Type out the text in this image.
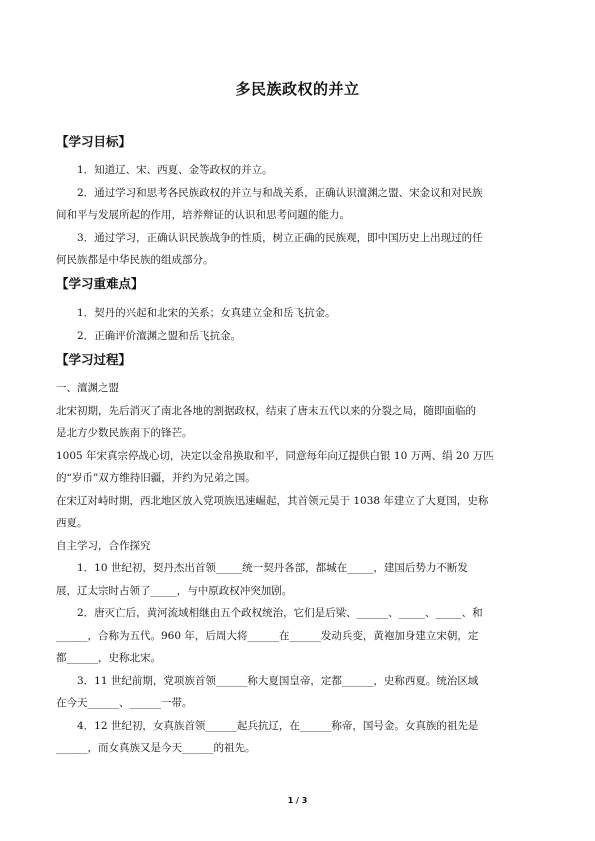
多民族政权的并立
【学习目标】
1．知道辽、宋、西夏、金等政权的并立。
2．通过学习和思考各民族政权的并立与和战关系，正确认识澶渊之盟、宋金议和对民族
间和平与发展所起的作用，培养辩证的认识和思考问题的能力。
3．通过学习，正确认识民族战争的性质，树立正确的民族观，即中国历史上出现过的任
何民族都是中华民族的组成部分。
【学习重难点】
1．契丹的兴起和北宋的关系；女真建立金和岳飞抗金。
2．正确评价澶渊之盟和岳飞抗金。
【学习过程】
一、澶渊之盟
北宋初期，先后消灭了南北各地的割据政权，结束了唐末五代以来的分裂之局，随即面临的
是北方少数民族南下的锋芒。
1005 年宋真宗停战心切，决定以金帛换取和平，同意每年向辽提供白银 10 万两、绢 20 万匹
的“岁币”双方维持旧疆，并约为兄弟之国。
在宋辽对峙时期，西北地区放入党项族迅速崛起，其首领元昊于 1038 年建立了大夏国，史称
西夏。
自主学习，合作探究
1．10 世纪初，契丹杰出首领_____统一契丹各部，都城在_____，建国后势力不断发
展，辽太宗时占领了_____，与中原政权冲突加剧。
2．唐灭亡后，黄河流域相继由五个政权统治，它们是后梁、______、_____、_____、和
______，合称为五代。960 年，后周大将______在______发动兵变，黄袍加身建立宋朝，定
都______，史称北宋。
3．11 世纪前期，党项族首领______称大夏国皇帝，定都______，史称西夏。统治区域
在今天______、______一带。
4．12 世纪初，女真族首领______起兵抗辽，在______称帝，国号金。女真族的祖先是
______，而女真族又是今天______的祖先。
1 / 3
